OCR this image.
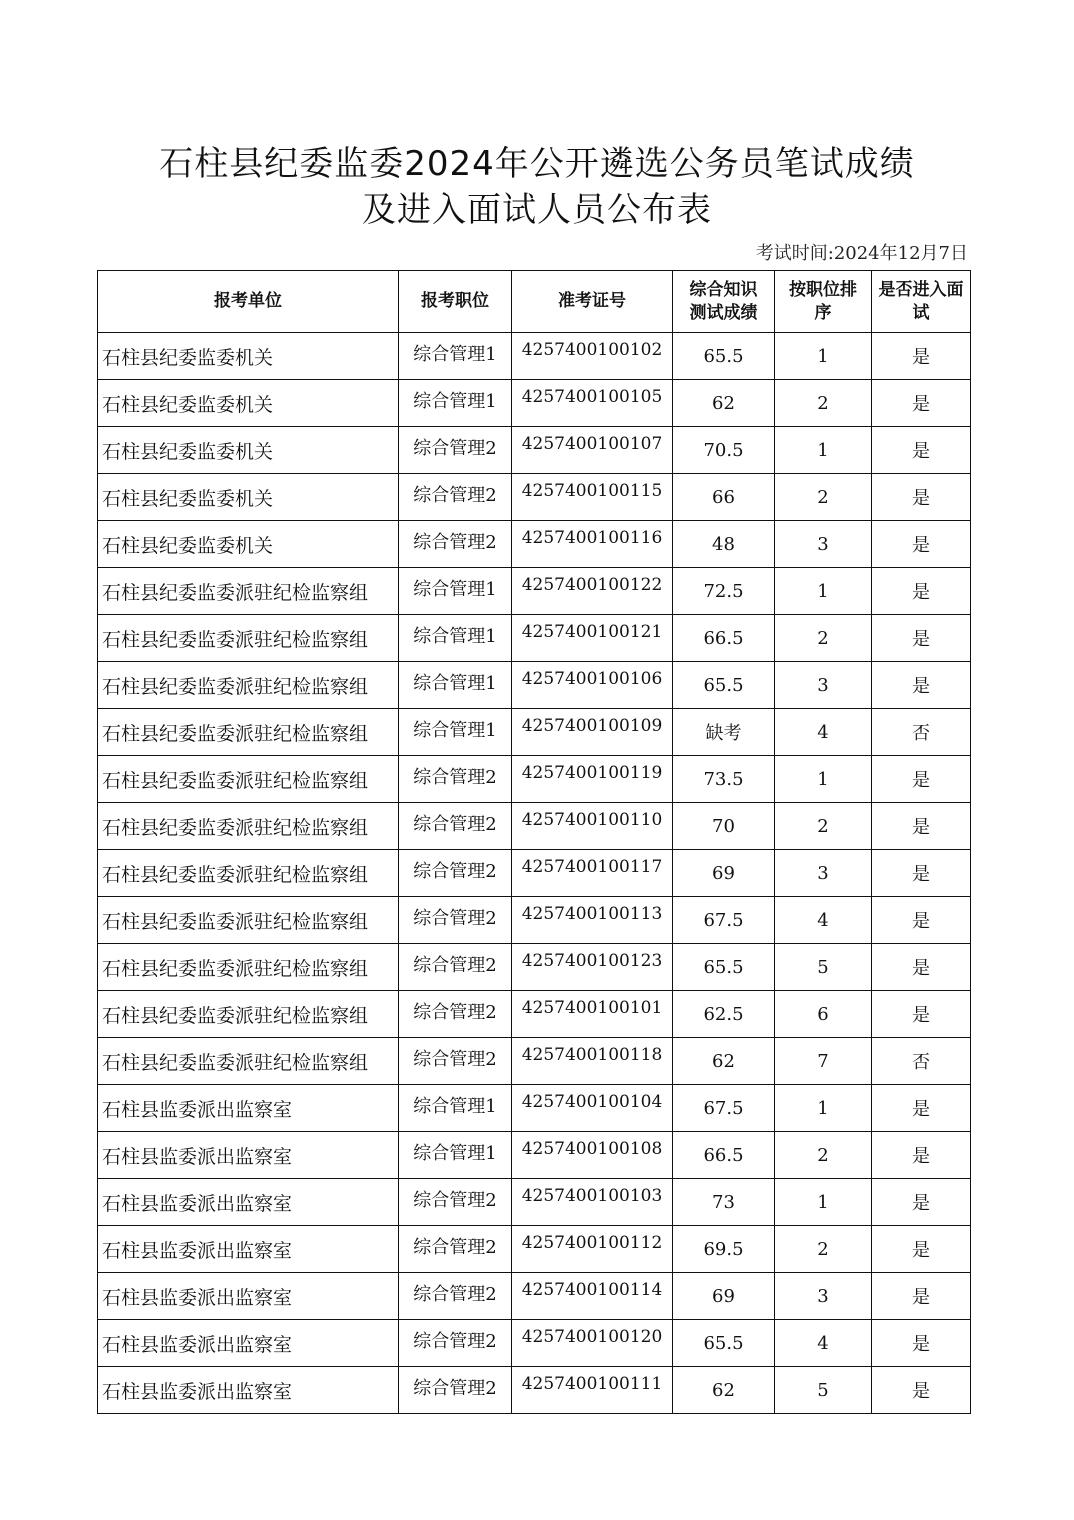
石柱县纪委监委2024年公开遴选公务员笔试成绩
及进入面试人员公布表
考试时间:2024年12月7日
报考单位	报考职位	准考证号	综合知识测试成绩	按职位排序	是否进入面试
石柱县纪委监委机关	综合管理1	4257400100102	65.5	1	是
石柱县纪委监委机关	综合管理1	4257400100105	62	2	是
石柱县纪委监委机关	综合管理2	4257400100107	70.5	1	是
石柱县纪委监委机关	综合管理2	4257400100115	66	2	是
石柱县纪委监委机关	综合管理2	4257400100116	48	3	是
石柱县纪委监委派驻纪检监察组	综合管理1	4257400100122	72.5	1	是
石柱县纪委监委派驻纪检监察组	综合管理1	4257400100121	66.5	2	是
石柱县纪委监委派驻纪检监察组	综合管理1	4257400100106	65.5	3	是
石柱县纪委监委派驻纪检监察组	综合管理1	4257400100109	缺考	4	否
石柱县纪委监委派驻纪检监察组	综合管理2	4257400100119	73.5	1	是
石柱县纪委监委派驻纪检监察组	综合管理2	4257400100110	70	2	是
石柱县纪委监委派驻纪检监察组	综合管理2	4257400100117	69	3	是
石柱县纪委监委派驻纪检监察组	综合管理2	4257400100113	67.5	4	是
石柱县纪委监委派驻纪检监察组	综合管理2	4257400100123	65.5	5	是
石柱县纪委监委派驻纪检监察组	综合管理2	4257400100101	62.5	6	是
石柱县纪委监委派驻纪检监察组	综合管理2	4257400100118	62	7	否
石柱县监委派出监察室	综合管理1	4257400100104	67.5	1	是
石柱县监委派出监察室	综合管理1	4257400100108	66.5	2	是
石柱县监委派出监察室	综合管理2	4257400100103	73	1	是
石柱县监委派出监察室	综合管理2	4257400100112	69.5	2	是
石柱县监委派出监察室	综合管理2	4257400100114	69	3	是
石柱县监委派出监察室	综合管理2	4257400100120	65.5	4	是
石柱县监委派出监察室	综合管理2	4257400100111	62	5	是
